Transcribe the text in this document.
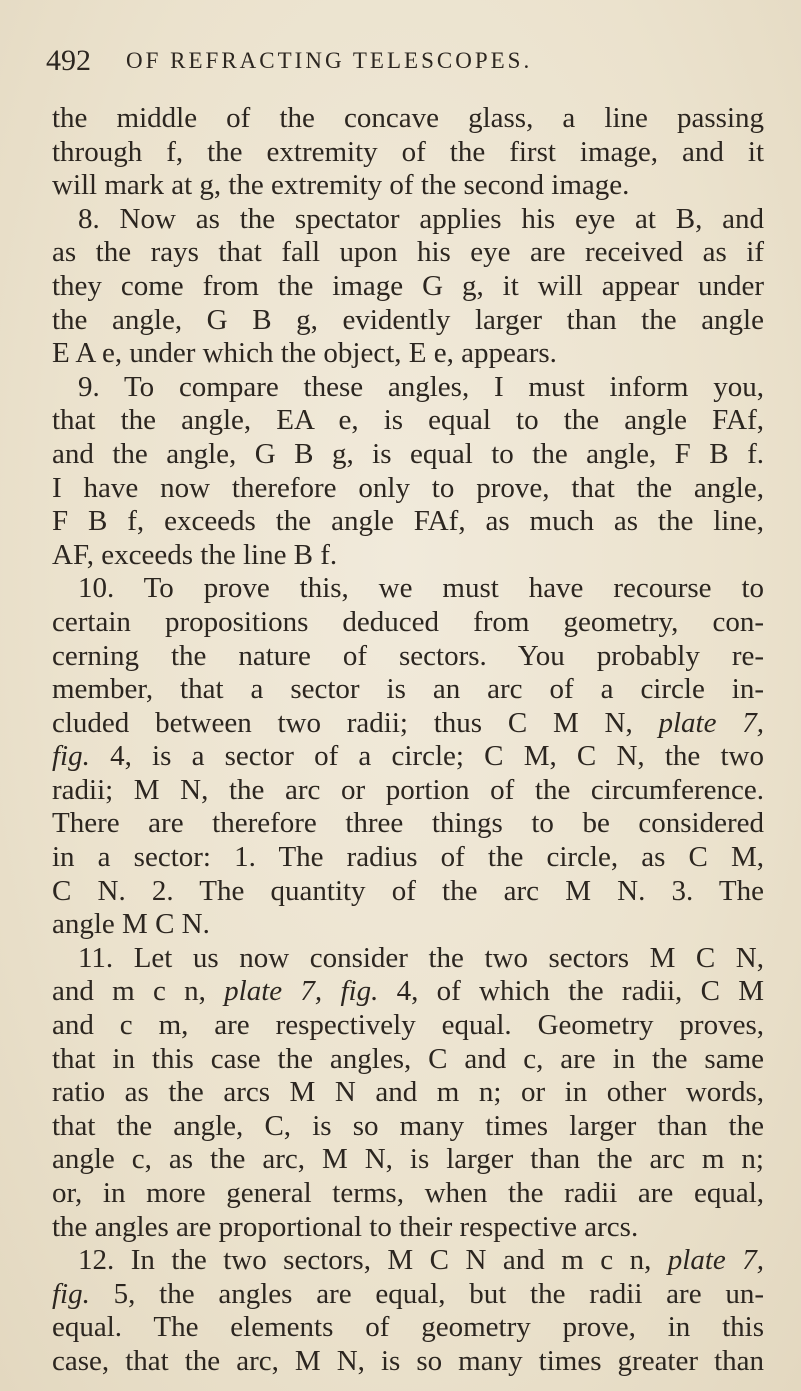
492 OF REFRACTING TELESCOPES.
the middle of the concave glass, a line passing
through f, the extremity of the first image, and it
will mark at g, the extremity of the second image.
8. Now as the spectator applies his eye at B, and
as the rays that fall upon his eye are received as if
they come from the image G g, it will appear under
the angle, G B g, evidently larger than the angle
E A e, under which the object, E e, appears.
9. To compare these angles, I must inform you,
that the angle, EA e, is equal to the angle FAf,
and the angle, G B g, is equal to the angle, F B f.
I have now therefore only to prove, that the angle,
F B f, exceeds the angle FAf, as much as the line,
AF, exceeds the line B f.
10. To prove this, we must have recourse to
certain propositions deduced from geometry, con-
cerning the nature of sectors. You probably re-
member, that a sector is an arc of a circle in-
cluded between two radii; thus C M N, plate 7,
fig. 4, is a sector of a circle; C M, C N, the two
radii; M N, the arc or portion of the circumference.
There are therefore three things to be considered
in a sector: 1. The radius of the circle, as C M,
C N. 2. The quantity of the arc M N. 3. The
angle M C N.
11. Let us now consider the two sectors M C N,
and m c n, plate 7, fig. 4, of which the radii, C M
and c m, are respectively equal. Geometry proves,
that in this case the angles, C and c, are in the same
ratio as the arcs M N and m n; or in other words,
that the angle, C, is so many times larger than the
angle c, as the arc, M N, is larger than the arc m n;
or, in more general terms, when the radii are equal,
the angles are proportional to their respective arcs.
12. In the two sectors, M C N and m c n, plate 7,
fig. 5, the angles are equal, but the radii are un-
equal. The elements of geometry prove, in this
case, that the arc, M N, is so many times greater than
